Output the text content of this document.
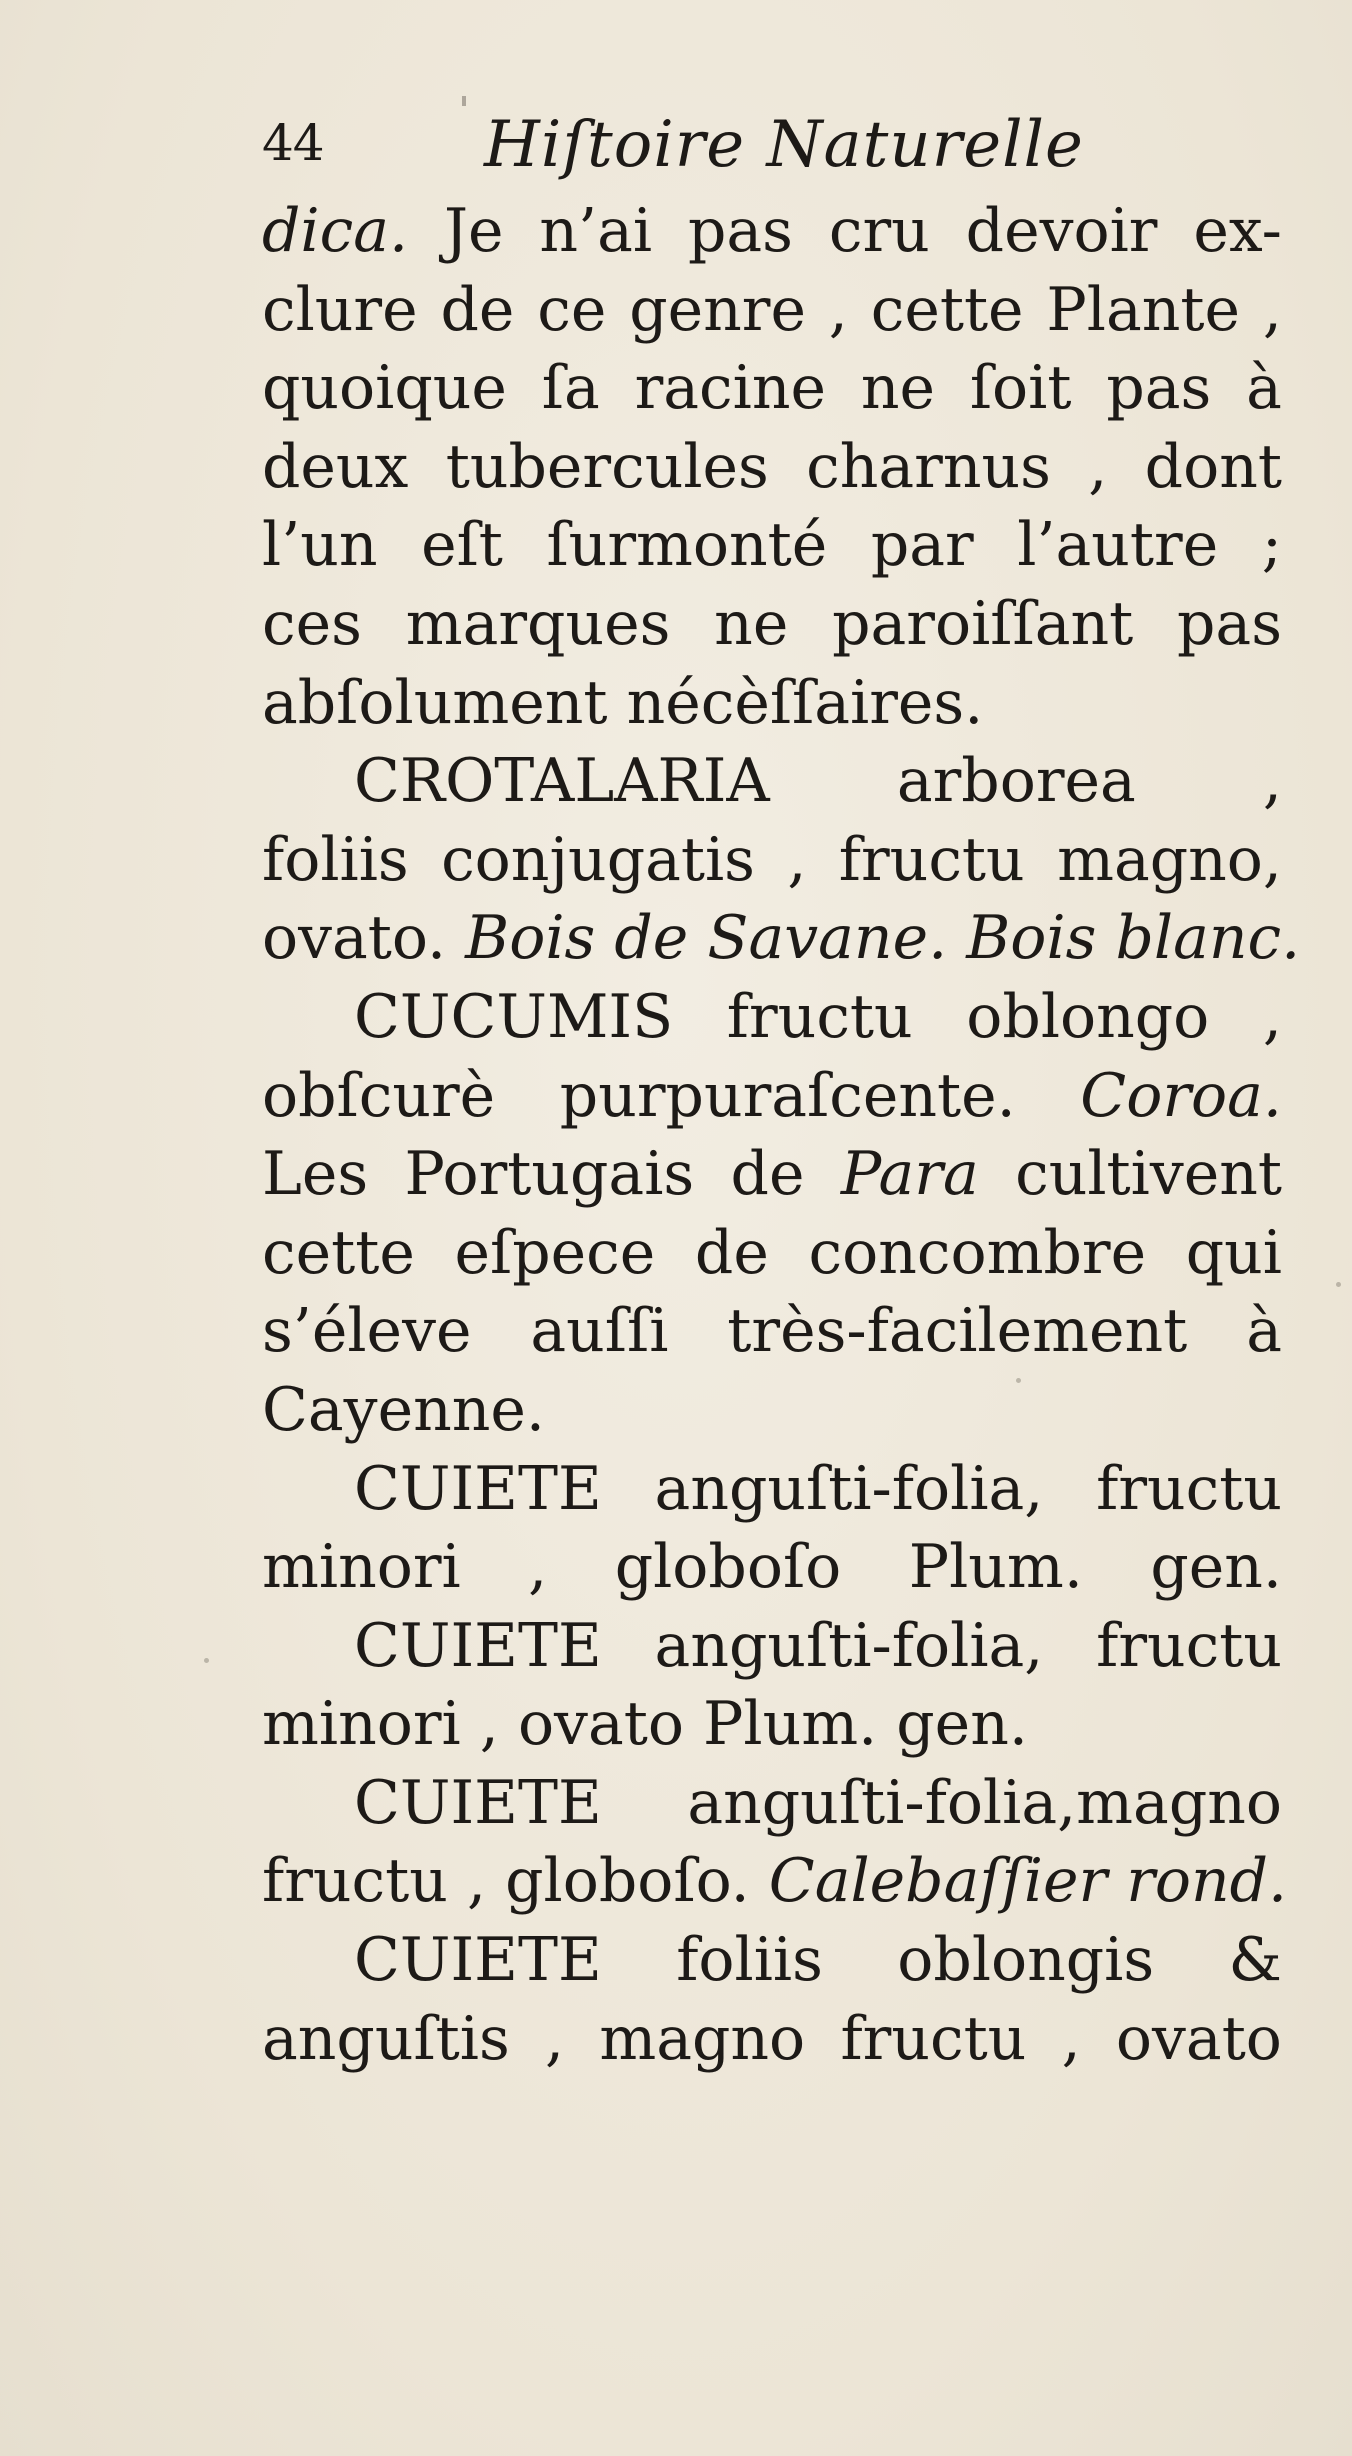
44	Hiſtoire Naturelle
dica. Je n’ai pas cru devoir ex-
clure de ce genre , cette Plante ,
quoique ſa racine ne ſoit pas à
deux tubercules charnus , dont
l’un eſt ſurmonté par l’autre ;
ces marques ne paroiſſant pas
abſolument nécèſſaires.
CROTALARIA arborea ,
foliis conjugatis , fructu magno,
ovato. Bois de Savane. Bois blanc.
CUCUMIS fructu oblongo ,
obſcurè purpuraſcente. Coroa.
Les Portugais de Para cultivent
cette eſpece de concombre qui
s’éleve auſſi très-facilement à
Cayenne.
CUIETE anguſti-folia, fructu
minori , globoſo Plum. gen.
CUIETE anguſti-folia, fructu
minori , ovato Plum. gen.
CUIETE anguſti-folia,magno
fructu , globoſo. Calebaſſier rond.
CUIETE foliis oblongis &
anguſtis , magno fructu , ovato
